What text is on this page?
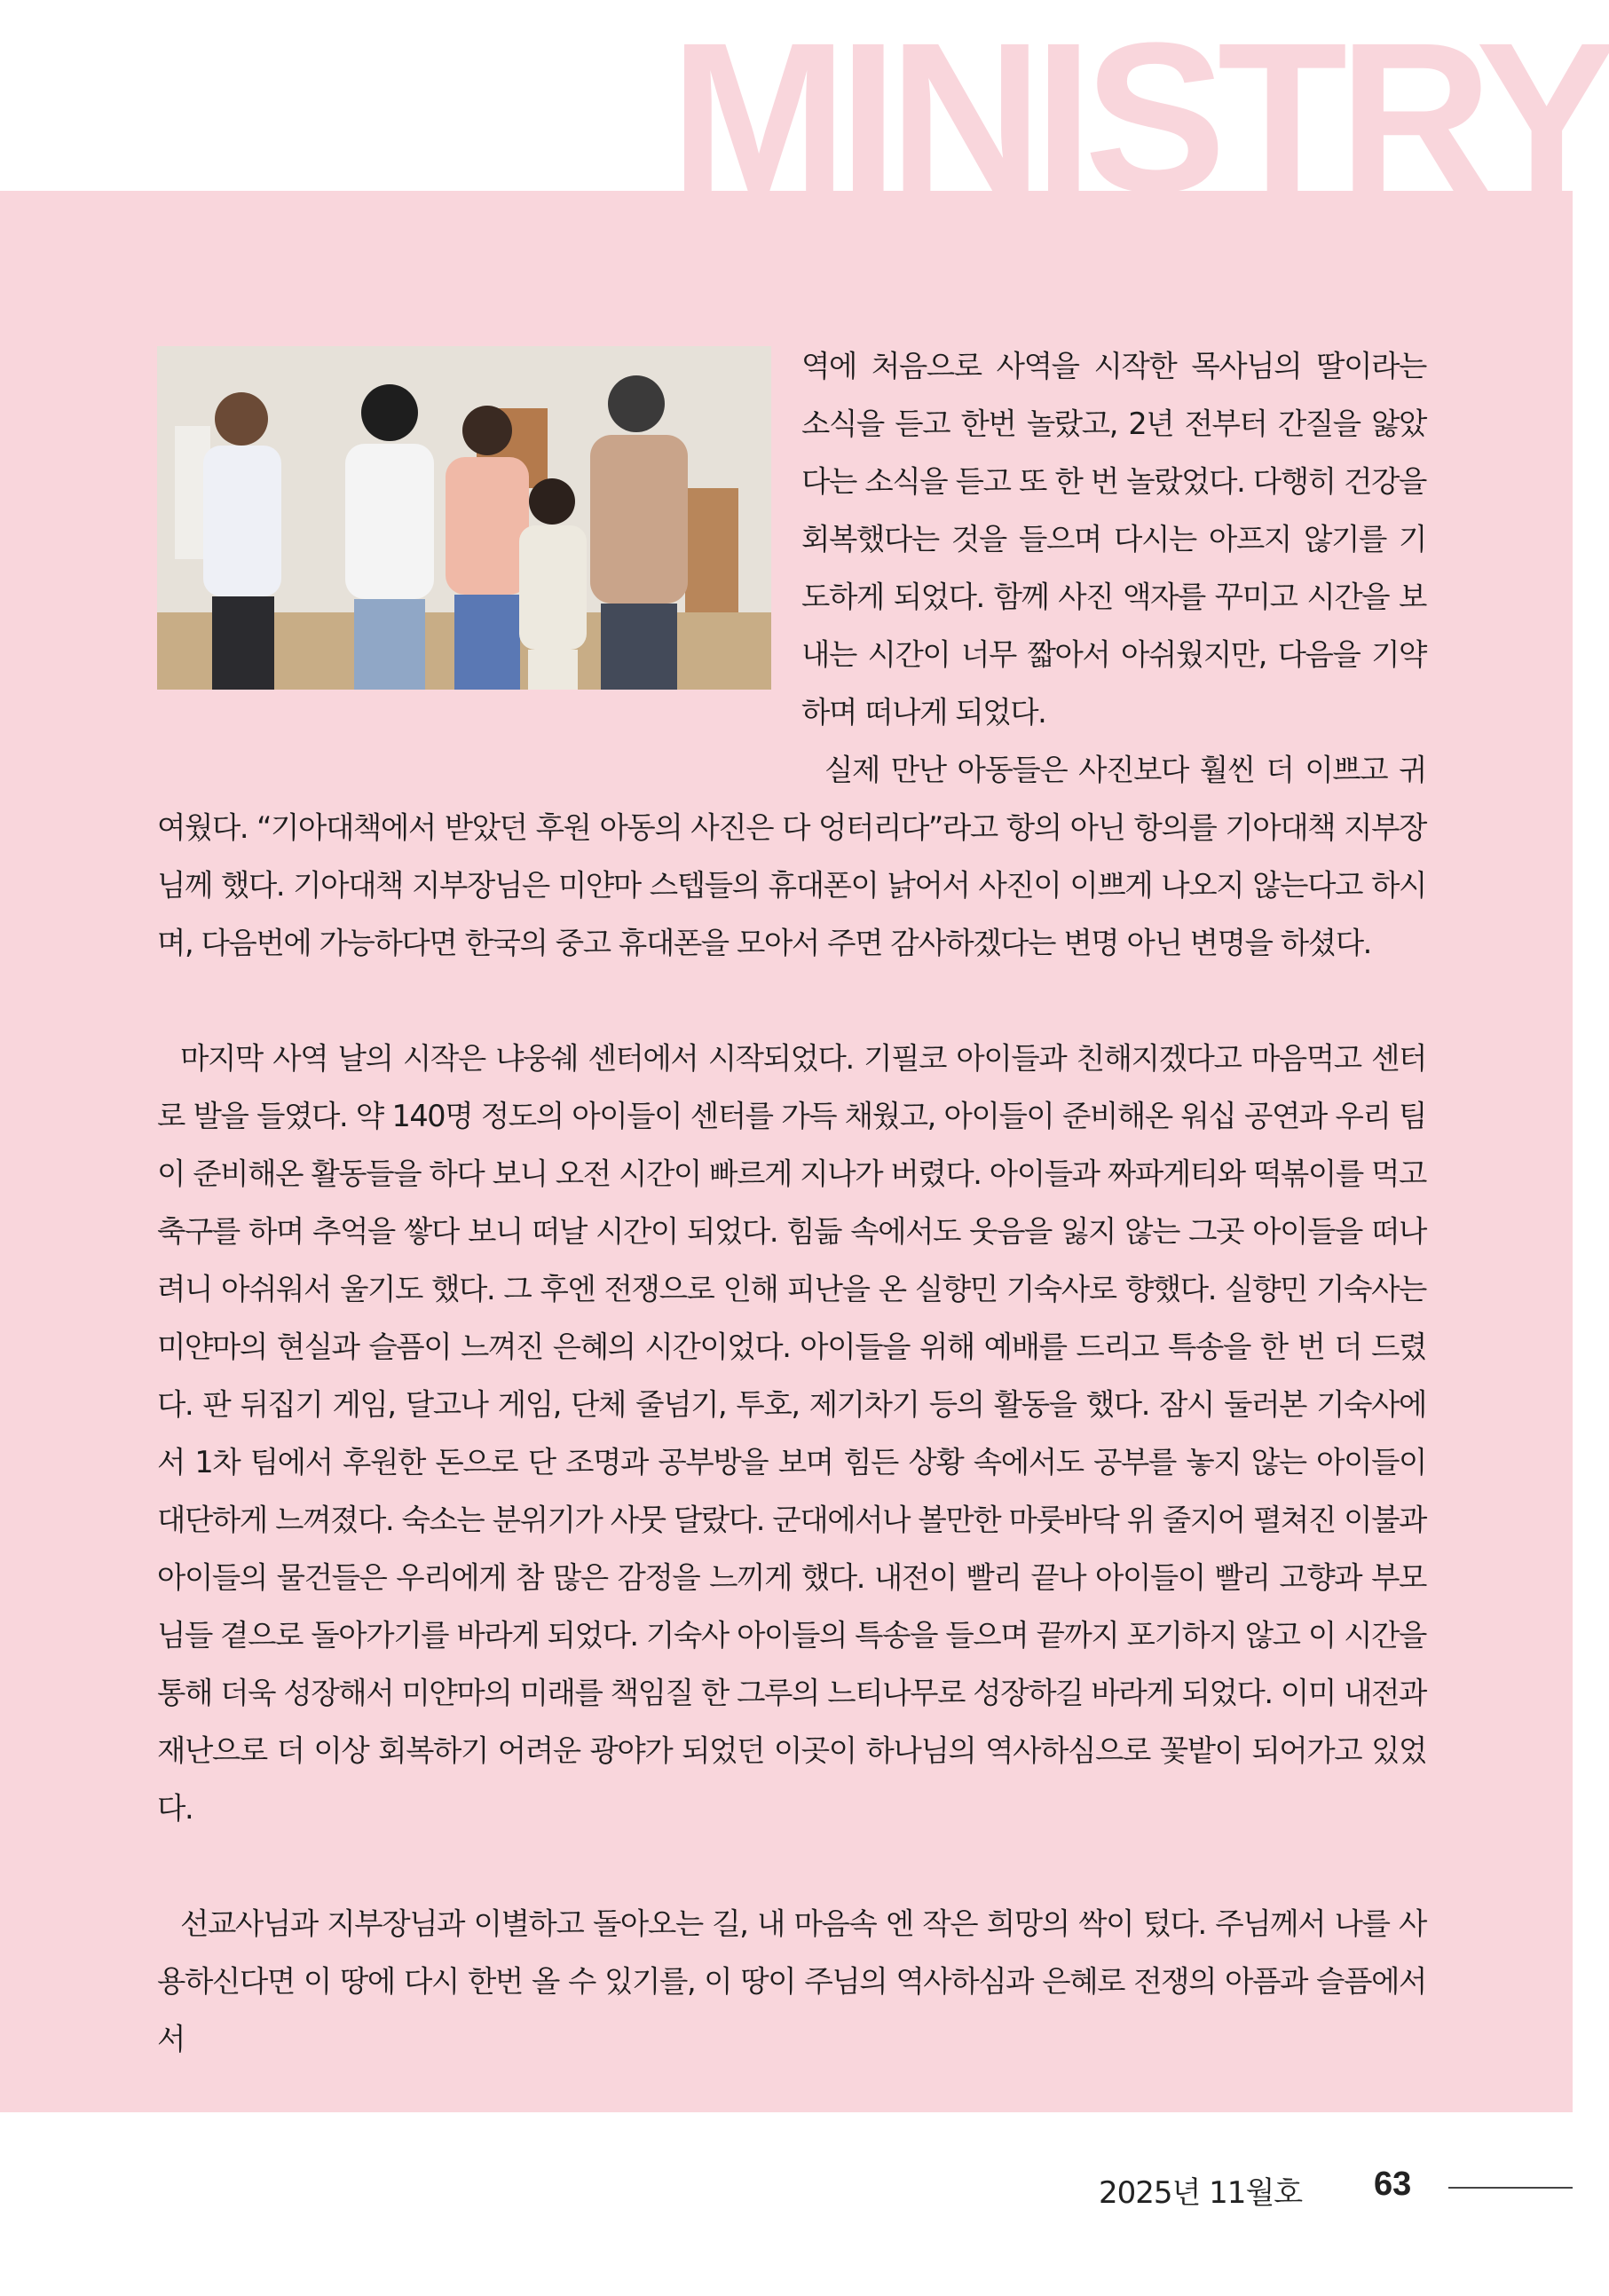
MINISTRY

역에 처음으로 사역을 시작한 목사님의 딸이라는 소식을 듣고 한번 놀랐고, 2년 전부터 간질을 앓았다는 소식을 듣고 또 한 번 놀랐었다. 다행히 건강을 회복했다는 것을 들으며 다시는 아프지 않기를 기도하게 되었다. 함께 사진 액자를 꾸미고 시간을 보내는 시간이 너무 짧아서 아쉬웠지만, 다음을 기약하며 떠나게 되었다.

실제 만난 아동들은 사진보다 훨씬 더 이쁘고 귀여웠다. “기아대책에서 받았던 후원 아동의 사진은 다 엉터리다”라고 항의 아닌 항의를 기아대책 지부장님께 했다. 기아대책 지부장님은 미얀마 스텝들의 휴대폰이 낡어서 사진이 이쁘게 나오지 않는다고 하시며, 다음번에 가능하다면 한국의 중고 휴대폰을 모아서 주면 감사하겠다는 변명 아닌 변명을 하셨다.

마지막 사역 날의 시작은 냐웅쉐 센터에서 시작되었다. 기필코 아이들과 친해지겠다고 마음먹고 센터로 발을 들였다. 약 140명 정도의 아이들이 센터를 가득 채웠고, 아이들이 준비해온 워십 공연과 우리 팀이 준비해온 활동들을 하다 보니 오전 시간이 빠르게 지나가 버렸다. 아이들과 짜파게티와 떡볶이를 먹고 축구를 하며 추억을 쌓다 보니 떠날 시간이 되었다. 힘듦 속에서도 웃음을 잃지 않는 그곳 아이들을 떠나려니 아쉬워서 울기도 했다. 그 후엔 전쟁으로 인해 피난을 온 실향민 기숙사로 향했다. 실향민 기숙사는 미얀마의 현실과 슬픔이 느껴진 은혜의 시간이었다. 아이들을 위해 예배를 드리고 특송을 한 번 더 드렸다. 판 뒤집기 게임, 달고나 게임, 단체 줄넘기, 투호, 제기차기 등의 활동을 했다. 잠시 둘러본 기숙사에서 1차 팀에서 후원한 돈으로 단 조명과 공부방을 보며 힘든 상황 속에서도 공부를 놓지 않는 아이들이 대단하게 느껴졌다. 숙소는 분위기가 사뭇 달랐다. 군대에서나 볼만한 마룻바닥 위 줄지어 펼쳐진 이불과 아이들의 물건들은 우리에게 참 많은 감정을 느끼게 했다. 내전이 빨리 끝나 아이들이 빨리 고향과 부모님들 곁으로 돌아가기를 바라게 되었다. 기숙사 아이들의 특송을 들으며 끝까지 포기하지 않고 이 시간을 통해 더욱 성장해서 미얀마의 미래를 책임질 한 그루의 느티나무로 성장하길 바라게 되었다. 이미 내전과 재난으로 더 이상 회복하기 어려운 광야가 되었던 이곳이 하나님의 역사하심으로 꽃밭이 되어가고 있었다.

선교사님과 지부장님과 이별하고 돌아오는 길, 내 마음속 엔 작은 희망의 싹이 텄다. 주님께서 나를 사용하신다면 이 땅에 다시 한번 올 수 있기를, 이 땅이 주님의 역사하심과 은혜로 전쟁의 아픔과 슬픔에서 서

2025년 11월호 63
